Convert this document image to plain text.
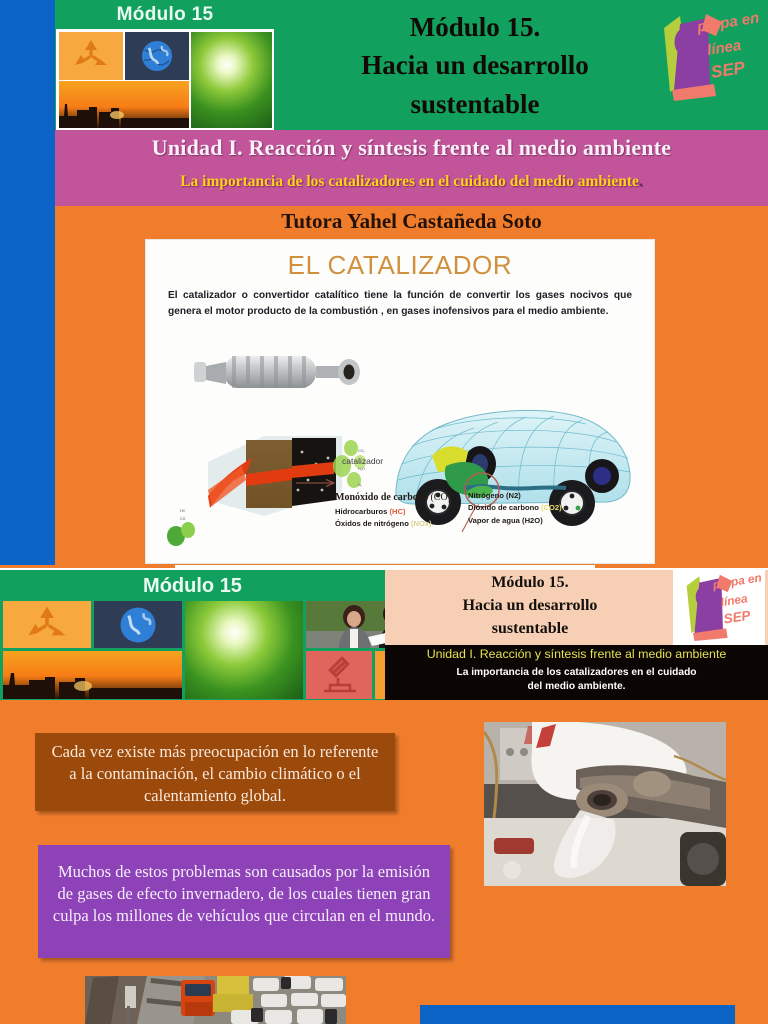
Módulo 15	Módulo 15.
Hacia un desarrollo
sustentable
prepa en
línea
SEP
Unidad I. Reacción y síntesis frente al medio ambiente
La importancia de los catalizadores en el cuidado del medio ambiente.
Tutora Yahel Castañeda Soto
EL CATALIZADOR
El catalizador o convertidor catalítico tiene la función de convertir los gases nocivos que genera el motor producto de la combustión , en gases inofensivos para el medio ambiente.
CO₂
H₂O
N₂
HC
CO
catalizador
Monóxido de carbono (CO)
Hidrocarburos (HC)
Óxidos de nitrógeno (NOx)
Nitrógeno (N2)
Dióxido de carbono (CO2)
Vapor de agua (H2O)
Módulo 15	Módulo 15.
Hacia un desarrollo
sustentable
prepa en
línea
SEP
Unidad I. Reacción y síntesis frente al medio ambiente
La importancia de los catalizadores en el cuidado
del medio ambiente.

Cada vez existe más preocupación en lo referente a la contaminación, el cambio climático o el calentamiento global.

Muchos de estos problemas son causados por la emisión de gases de efecto invernadero, de los cuales tienen gran culpa los millones de vehículos que circulan en el mundo.
